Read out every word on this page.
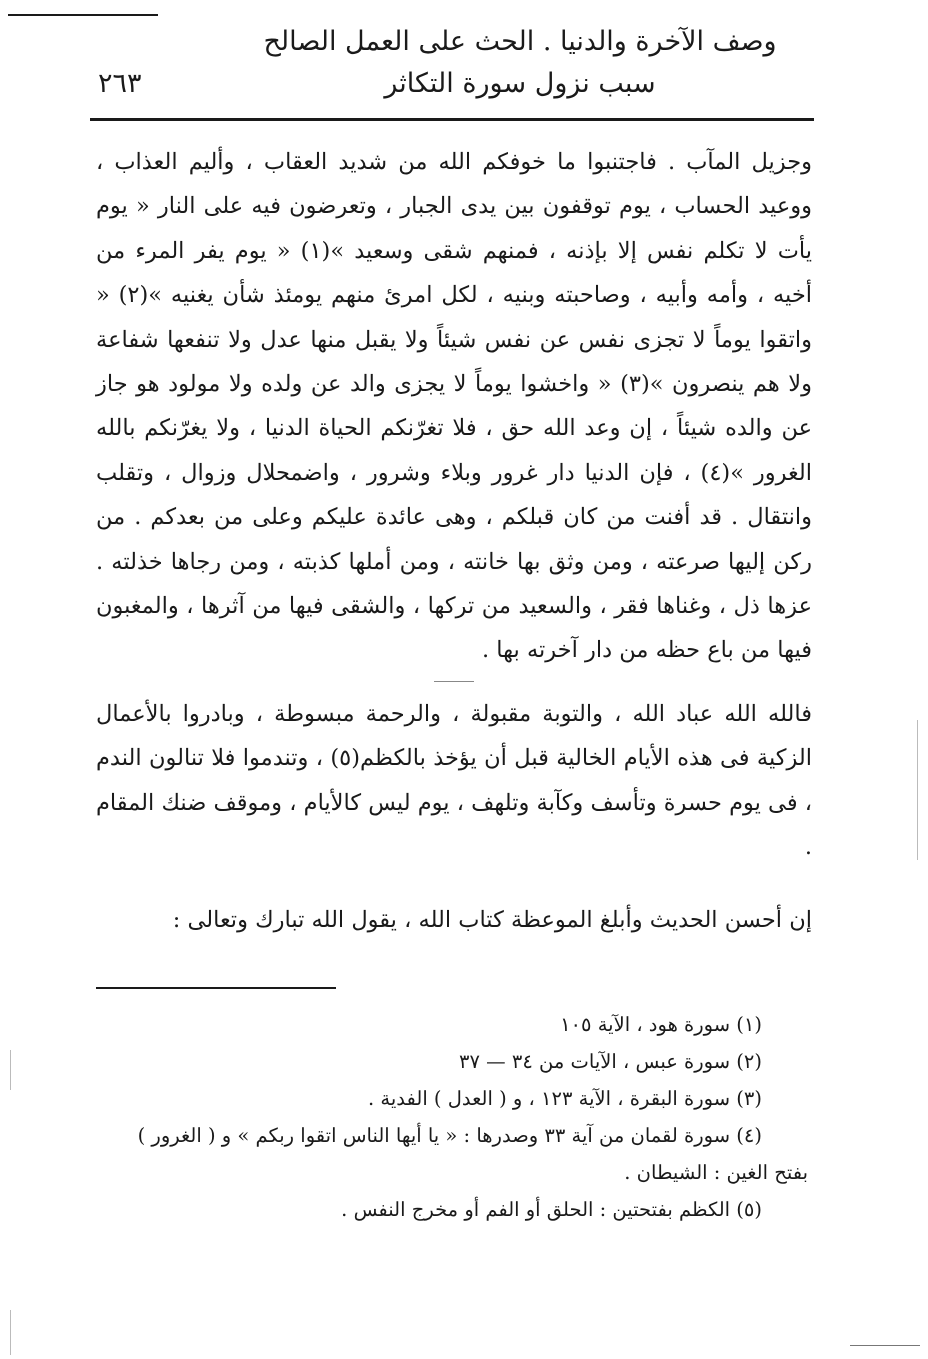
وصف الآخرة والدنيا . الحث على العمل الصالح
سبب نزول سورة التكاثر
٢٦٣

وجزيل المآب . فاجتنبوا ما خوفكم الله من شديد العقاب ، وأليم العذاب ، ووعيد الحساب ، يوم توقفون بين يدى الجبار ، وتعرضون فيه على النار « يوم يأت لا تكلم نفس إلا بإذنه ، فمنهم شقى وسعيد »(١) « يوم يفر المرء من أخيه ، وأمه وأبيه ، وصاحبته وبنيه ، لكل امرئ منهم يومئذ شأن يغنيه »(٢) « واتقوا يوماً لا تجزى نفس عن نفس شيئاً ولا يقبل منها عدل ولا تنفعها شفاعة ولا هم ينصرون »(٣) « واخشوا يوماً لا يجزى والد عن ولده ولا مولود هو جاز عن والده شيئاً ، إن وعد الله حق ، فلا تغرّنكم الحياة الدنيا ، ولا يغرّنكم بالله الغرور »(٤) ، فإن الدنيا دار غرور وبلاء وشرور ، واضمحلال وزوال ، وتقلب وانتقال . قد أفنت من كان قبلكم ، وهى عائدة عليكم وعلى من بعدكم . من ركن إليها صرعته ، ومن وثق بها خانته ، ومن أملها كذبته ، ومن رجاها خذلته . عزها ذل ، وغناها فقر ، والسعيد من تركها ، والشقى فيها من آثرها ، والمغبون فيها من باع حظه من دار آخرته بها .

فالله الله عباد الله ، والتوبة مقبولة ، والرحمة مبسوطة ، وبادروا بالأعمال الزكية فى هذه الأيام الخالية قبل أن يؤخذ بالكظم(٥) ، وتندموا فلا تنالون الندم ، فى يوم حسرة وتأسف وكآبة وتلهف ، يوم ليس كالأيام ، وموقف ضنك المقام .

إن أحسن الحديث وأبلغ الموعظة كتاب الله ، يقول الله تبارك وتعالى :

(١) سورة هود ، الآية ١٠٥

(٢) سورة عبس ، الآيات من ٣٤ — ٣٧

(٣) سورة البقرة ، الآية ١٢٣ ، و ( العدل ) الفدية .

(٤) سورة لقمان من آية ٣٣ وصدرها : « يا أيها الناس اتقوا ربكم » و ( الغرور )

بفتح الغين : الشيطان .

(٥) الكظم بفتحتين : الحلق أو الفم أو مخرج النفس .
